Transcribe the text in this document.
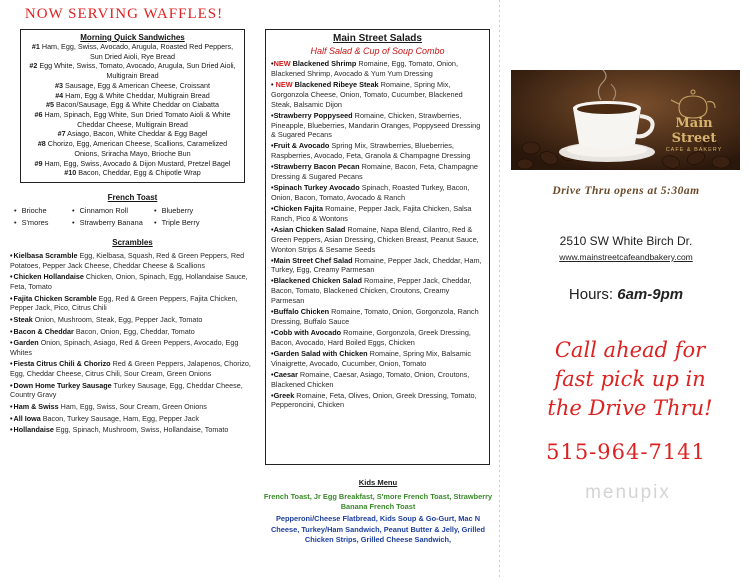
NOW SERVING WAFFLES!
Morning Quick Sandwiches
#1 Ham, Egg, Swiss, Avocado, Arugula, Roasted Red Peppers, Sun Dried Aioli, Rye Bread
#2 Egg White, Swiss, Tomato, Avocado, Arugula, Sun Dried Aioli, Multigrain Bread
#3 Sausage, Egg & American Cheese, Croissant
#4 Ham, Egg & White Cheddar, Multigrain Bread
#5 Bacon/Sausage, Egg & White Cheddar on Ciabatta
#6 Ham, Spinach, Egg White, Sun Dried Tomato Aioli & White Cheddar Cheese, Multigrain Bread
#7 Asiago, Bacon, White Cheddar & Egg Bagel
#8 Chorizo, Egg, American Cheese, Scallions, Caramelized Onions, Sriracha Mayo, Brioche Bun
#9 Ham, Egg, Swiss, Avocado & Dijon Mustard, Pretzel Bagel
#10 Bacon, Cheddar, Egg & Chipotle Wrap
French Toast
• Brioche	• Cinnamon Roll	• Blueberry
• S'mores	• Strawberry Banana	• Triple Berry
Scrambles
• Kielbasa Scramble Egg, Kielbasa, Squash, Red & Green Peppers, Red Potatoes, Pepper Jack Cheese, Cheddar Cheese & Scallions
• Chicken Hollandaise Chicken, Onion, Spinach, Egg, Hollandaise Sauce, Feta, Tomato
• Fajita Chicken Scramble Egg, Red & Green Peppers, Fajita Chicken, Pepper Jack, Pico, Citrus Chili
• Steak Onion, Mushroom, Steak, Egg, Pepper Jack, Tomato
• Bacon & Cheddar Bacon, Onion, Egg, Cheddar, Tomato
• Garden Onion, Spinach, Asiago, Red & Green Peppers, Avocado, Egg Whites
• Fiesta Citrus Chili & Chorizo Red & Green Peppers, Jalapenos, Chorizo, Egg, Cheddar Cheese, Citrus Chili, Sour Cream, Green Onions
• Down Home Turkey Sausage Turkey Sausage, Egg, Cheddar Cheese, Country Gravy
• Ham & Swiss Ham, Egg, Swiss, Sour Cream, Green Onions
• All Iowa Bacon, Turkey Sausage, Ham, Egg, Pepper Jack
• Hollandaise Egg, Spinach, Mushroom, Swiss, Hollandaise, Tomato
Main Street Salads
Half Salad & Cup of Soup Combo
• NEW Blackened Shrimp Romaine, Egg, Tomato, Onion, Blackened Shrimp, Avocado & Yum Yum Dressing
• NEW Blackened Ribeye Steak Romaine, Spring Mix, Gorgonzola Cheese, Onion, Tomato, Cucumber, Blackened Steak, Balsamic Dijon
• Strawberry Poppyseed Romaine, Chicken, Strawberries, Pineapple, Blueberries, Mandarin Oranges, Poppyseed Dressing & Sugared Pecans
• Fruit & Avocado Spring Mix, Strawberries, Blueberries, Raspberries, Avocado, Feta, Granola & Champagne Dressing
• Strawberry Bacon Pecan Romaine, Bacon, Feta, Champagne Dressing & Sugared Pecans
• Spinach Turkey Avocado Spinach, Roasted Turkey, Bacon, Onion, Bacon, Tomato, Avocado & Ranch
• Chicken Fajita Romaine, Pepper Jack, Fajita Chicken, Salsa Ranch, Pico & Wontons
• Asian Chicken Salad Romaine, Napa Blend, Cilantro, Red & Green Peppers, Asian Dressing, Chicken Breast, Peanut Sauce, Wonton Strips & Sesame Seeds
• Main Street Chef Salad Romaine, Pepper Jack, Cheddar, Ham, Turkey, Egg, Creamy Parmesan
• Blackened Chicken Salad Romaine, Pepper Jack, Cheddar, Bacon, Tomato, Blackened Chicken, Croutons, Creamy Parmesan
• Buffalo Chicken Romaine, Tomato, Onion, Gorgonzola, Ranch Dressing, Buffalo Sauce
• Cobb with Avocado Romaine, Gorgonzola, Greek Dressing, Bacon, Avocado, Hard Boiled Eggs, Chicken
• Garden Salad with Chicken Romaine, Spring Mix, Balsamic Vinaigrette, Avocado, Cucumber, Onion, Tomato
• Caesar Romaine, Caesar, Asiago, Tomato, Onion, Croutons, Blackened Chicken
• Greek Romaine, Feta, Olives, Onion, Greek Dressing, Tomato, Pepperoncini, Chicken
Kids Menu
French Toast, Jr Egg Breakfast, S'more French Toast, Strawberry Banana French Toast
Pepperoni/Cheese Flatbread, Kids Soup & Go-Gurt, Mac N Cheese, Turkey/Ham Sandwich, Peanut Butter & Jelly, Grilled Chicken Strips, Grilled Cheese Sandwich,
Main Street
CAFE & BAKERY
Drive Thru opens at 5:30am
2510 SW White Birch Dr.
www.mainstreetcafeandbakery.com
Hours: 6am-9pm
Call ahead for
fast pick up in
the Drive Thru!
515-964-7141
menupix
